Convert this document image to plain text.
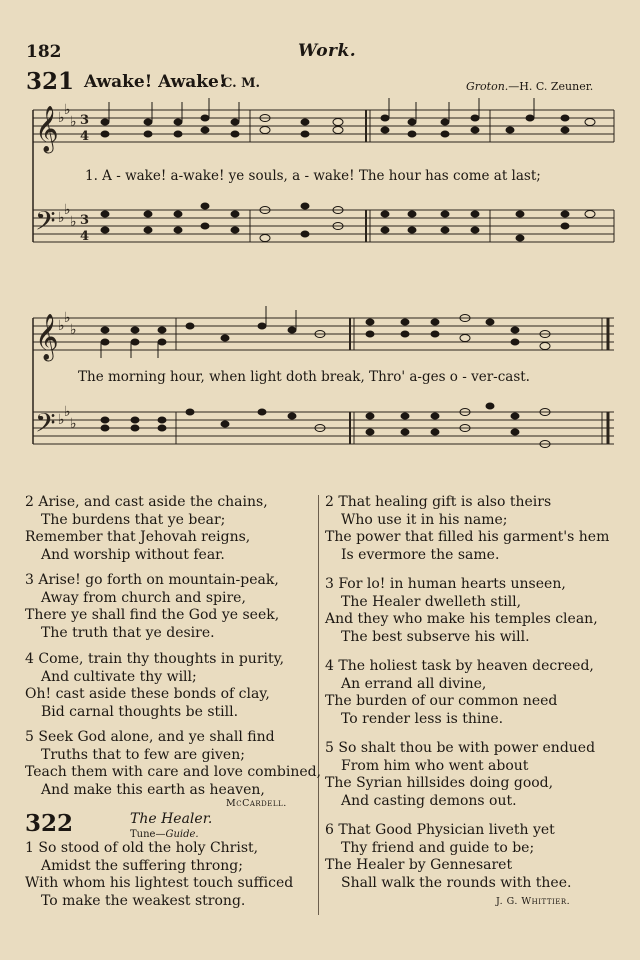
182	Work.
321 Awake! Awake!
C. M.	Groton.—H. C. Zeuner.
𝄞
𝄢
𝄞
𝄢
♭ ♭
♭
♭ ♭
♭
♭ ♭
♭
♭ ♭
♭
3
4
3
4
1. A - wake! a-wake! ye souls, a - wake! The hour has come at last;
The morning hour, when light doth break, Thro' a-ges o - ver-cast.
2 Arise, and cast aside the chains,
The burdens that ye bear;
Remember that Jehovah reigns,
And worship without fear.
3 Arise! go forth on mountain-peak,
Away from church and spire,
There ye shall find the God ye seek,
The truth that ye desire.
4 Come, train thy thoughts in purity,
And cultivate thy will;
Oh! cast aside these bonds of clay,
Bid carnal thoughts be still.
5 Seek God alone, and ye shall find
Truths that to few are given;
Teach them with care and love combined,
And make this earth as heaven,
McCardell.
322	The Healer.
Tune—Guide.
1 So stood of old the holy Christ,
Amidst the suffering throng;
With whom his lightest touch sufficed
To make the weakest strong.
2 That healing gift is also theirs
Who use it in his name;
The power that filled his garment's hem
Is evermore the same.
3 For lo! in human hearts unseen,
The Healer dwelleth still,
And they who make his temples clean,
The best subserve his will.
4 The holiest task by heaven decreed,
An errand all divine,
The burden of our common need
To render less is thine.
5 So shalt thou be with power endued
From him who went about
The Syrian hillsides doing good,
And casting demons out.
6 That Good Physician liveth yet
Thy friend and guide to be;
The Healer by Gennesaret
Shall walk the rounds with thee.
J. G. Whittier.
